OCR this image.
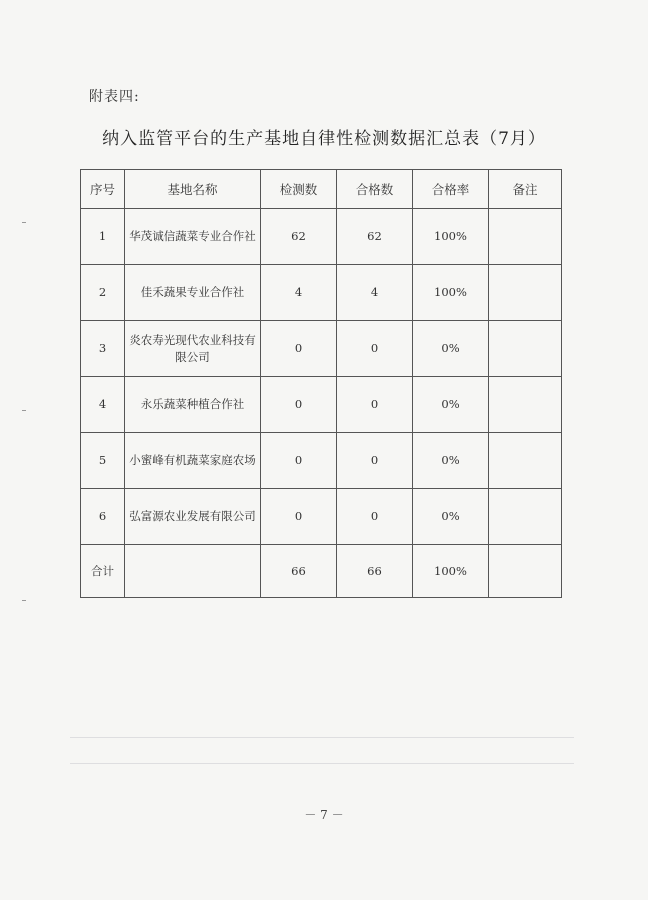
附表四:
纳入监管平台的生产基地自律性检测数据汇总表（7月）
序号	基地名称	检测数	合格数	合格率	备注
1	华茂诚信蔬菜专业合作社	62	62	100%	
2	佳禾蔬果专业合作社	4	4	100%	
3	炎农寿光现代农业科技有限公司	0	0	0%	
4	永乐蔬菜种植合作社	0	0	0%	
5	小蜜峰有机蔬菜家庭农场	0	0	0%	
6	弘富源农业发展有限公司	0	0	0%	
合计		66	66	100%	
－ 7 －
